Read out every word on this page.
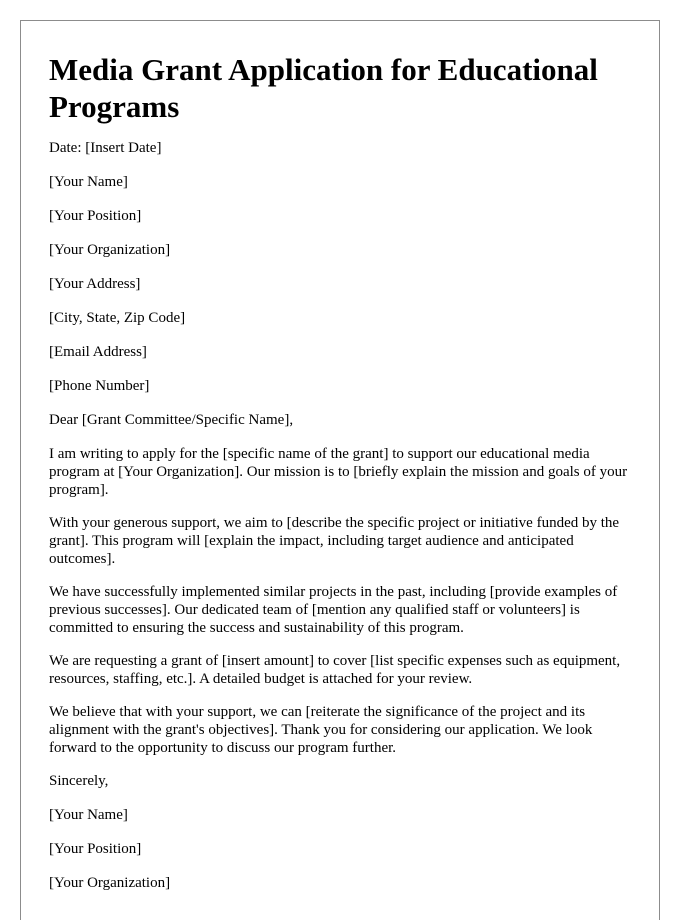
Media Grant Application for Educational Programs

Date: [Insert Date]

[Your Name]

[Your Position]

[Your Organization]

[Your Address]

[City, State, Zip Code]

[Email Address]

[Phone Number]

Dear [Grant Committee/Specific Name],

I am writing to apply for the [specific name of the grant] to support our educational media program at [Your Organization]. Our mission is to [briefly explain the mission and goals of your program].

With your generous support, we aim to [describe the specific project or initiative funded by the grant]. This program will [explain the impact, including target audience and anticipated outcomes].

We have successfully implemented similar projects in the past, including [provide examples of previous successes]. Our dedicated team of [mention any qualified staff or volunteers] is committed to ensuring the success and sustainability of this program.

We are requesting a grant of [insert amount] to cover [list specific expenses such as equipment, resources, staffing, etc.]. A detailed budget is attached for your review.

We believe that with your support, we can [reiterate the significance of the project and its alignment with the grant's objectives]. Thank you for considering our application. We look forward to the opportunity to discuss our program further.

Sincerely,

[Your Name]

[Your Position]

[Your Organization]
